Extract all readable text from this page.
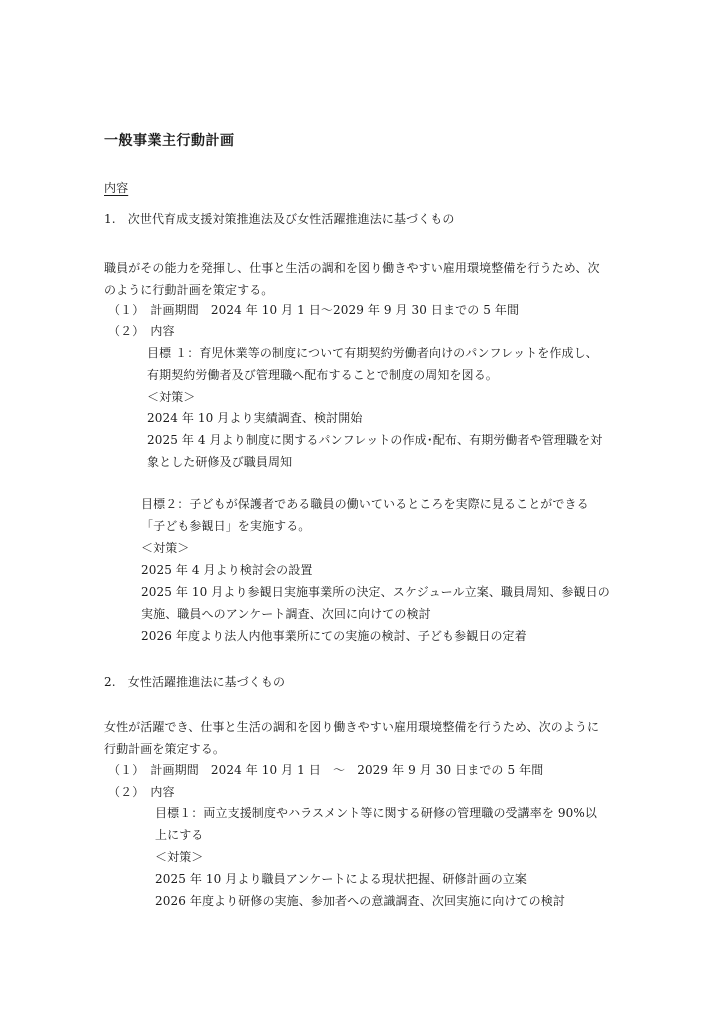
一般事業主行動計画
内容
1.　次世代育成支援対策推進法及び女性活躍推進法に基づくもの
職員がその能力を発揮し、仕事と生活の調和を図り働きやすい雇用環境整備を行うため、次
のように行動計画を策定する。
（１）　計画期間　2024 年 10 月 1 日～2029 年 9 月 30 日までの 5 年間
（２）　内容
目標 １：育児休業等の制度について有期契約労働者向けのパンフレットを作成し、
有期契約労働者及び管理職へ配布することで制度の周知を図る。
＜対策＞
2024 年 10 月より実績調査、検討開始
2025 年 4 月より制度に関するパンフレットの作成･配布、有期労働者や管理職を対
象とした研修及び職員周知
目標２：子どもが保護者である職員の働いているところを実際に見ることができる
「子ども参観日」を実施する。
＜対策＞
2025 年 4 月より検討会の設置
2025 年 10 月より参観日実施事業所の決定、スケジュール立案、職員周知、参観日の
実施、職員へのアンケート調査、次回に向けての検討
2026 年度より法人内他事業所にての実施の検討、子ども参観日の定着
2.　女性活躍推進法に基づくもの
女性が活躍でき、仕事と生活の調和を図り働きやすい雇用環境整備を行うため、次のように
行動計画を策定する。
（１）　計画期間　2024 年 10 月 1 日　～　2029 年 9 月 30 日までの 5 年間
（２）　内容
目標１：両立支援制度やハラスメント等に関する研修の管理職の受講率を 90%以
上にする
＜対策＞
2025 年 10 月より職員アンケートによる現状把握、研修計画の立案
2026 年度より研修の実施、参加者への意識調査、次回実施に向けての検討
